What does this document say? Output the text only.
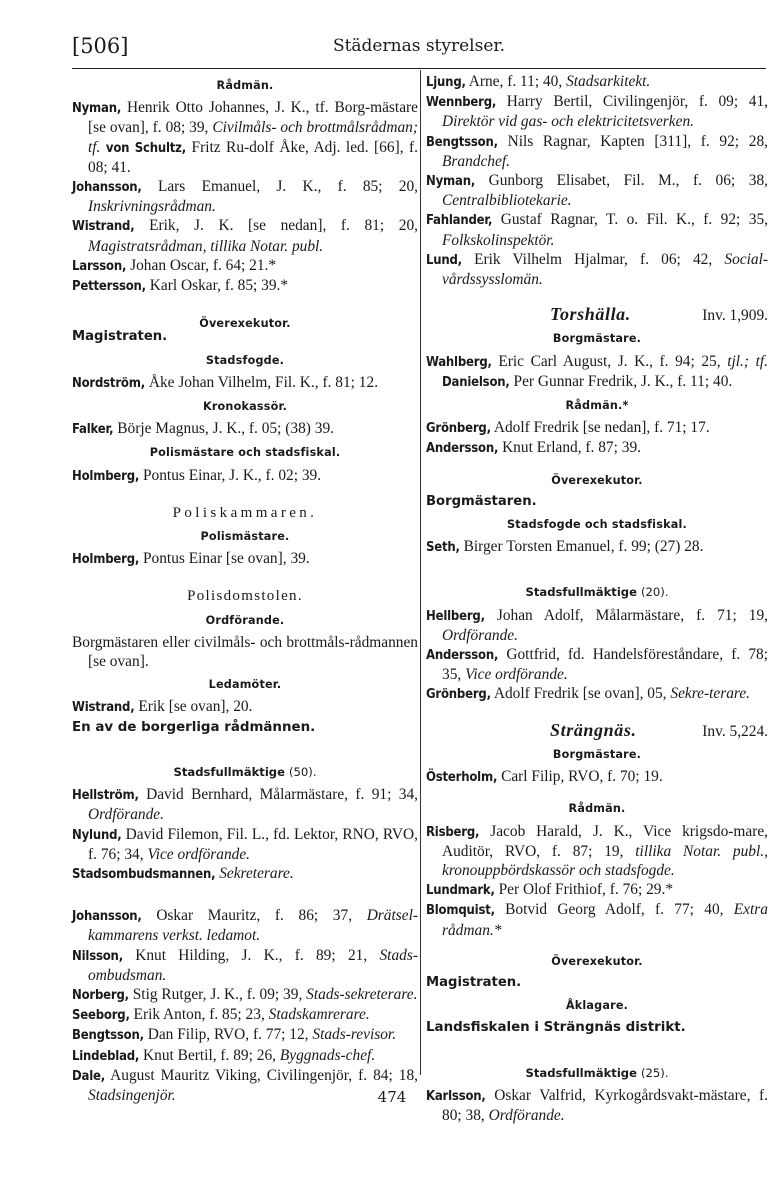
[506]	Städernas styrelser.
Rådmän.
Nyman, Henrik Otto Johannes, J. K., tf. Borg-mästare [se ovan], f. 08; 39, Civilmåls- och brottmålsrådman; tf. von Schultz, Fritz Ru-dolf Åke, Adj. led. [66], f. 08; 41.
Johansson, Lars Emanuel, J. K., f. 85; 20, Inskrivningsrådman.
Wistrand, Erik, J. K. [se nedan], f. 81; 20, Magistratsrådman, tillika Notar. publ.
Larsson, Johan Oscar, f. 64; 21.*
Pettersson, Karl Oskar, f. 85; 39.*
Överexekutor.
Magistraten.
Stadsfogde.
Nordström, Åke Johan Vilhelm, Fil. K., f. 81; 12.
Kronokassör.
Falker, Börje Magnus, J. K., f. 05; (38) 39.
Polismästare och stadsfiskal.
Holmberg, Pontus Einar, J. K., f. 02; 39.
Poliskammaren.
Polismästare.
Holmberg, Pontus Einar [se ovan], 39.
Polisdomstolen.
Ordförande.
Borgmästaren eller civilmåls- och brottmåls-rådmannen [se ovan].
Ledamöter.
Wistrand, Erik [se ovan], 20.
En av de borgerliga rådmännen.
Stadsfullmäktige (50).
Hellström, David Bernhard, Målarmästare, f. 91; 34, Ordförande.
Nylund, David Filemon, Fil. L., fd. Lektor, RNO, RVO, f. 76; 34, Vice ordförande.
Stadsombudsmannen, Sekreterare.
Johansson, Oskar Mauritz, f. 86; 37, Drätsel-kammarens verkst. ledamot.
Nilsson, Knut Hilding, J. K., f. 89; 21, Stads-ombudsman.
Norberg, Stig Rutger, J. K., f. 09; 39, Stads-sekreterare.
Seeborg, Erik Anton, f. 85; 23, Stadskamrerare.
Bengtsson, Dan Filip, RVO, f. 77; 12, Stads-revisor.
Lindeblad, Knut Bertil, f. 89; 26, Byggnads-chef.
Dale, August Mauritz Viking, Civilingenjör, f. 84; 18, Stadsingenjör.
Ljung, Arne, f. 11; 40, Stadsarkitekt.
Wennberg, Harry Bertil, Civilingenjör, f. 09; 41, Direktör vid gas- och elektricitetsverken.
Bengtsson, Nils Ragnar, Kapten [311], f. 92; 28, Brandchef.
Nyman, Gunborg Elisabet, Fil. M., f. 06; 38, Centralbibliotekarie.
Fahlander, Gustaf Ragnar, T. o. Fil. K., f. 92; 35, Folkskolinspektör.
Lund, Erik Vilhelm Hjalmar, f. 06; 42, Social-vårdssysslomän.
Torshälla.	Inv. 1,909.
Borgmästare.
Wahlberg, Eric Carl August, J. K., f. 94; 25, tjl.; tf. Danielson, Per Gunnar Fredrik, J. K., f. 11; 40.
Rådmän.*
Grönberg, Adolf Fredrik [se nedan], f. 71; 17.
Andersson, Knut Erland, f. 87; 39.
Överexekutor.
Borgmästaren.
Stadsfogde och stadsfiskal.
Seth, Birger Torsten Emanuel, f. 99; (27) 28.
Stadsfullmäktige (20).
Hellberg, Johan Adolf, Målarmästare, f. 71; 19, Ordförande.
Andersson, Gottfrid, fd. Handelsföreståndare, f. 78; 35, Vice ordförande.
Grönberg, Adolf Fredrik [se ovan], 05, Sekre-terare.
Strängnäs.	Inv. 5,224.
Borgmästare.
Österholm, Carl Filip, RVO, f. 70; 19.
Rådmän.
Risberg, Jacob Harald, J. K., Vice krigsdo-mare, Auditör, RVO, f. 87; 19, tillika Notar. publ., kronouppbördskassör och stadsfogde.
Lundmark, Per Olof Frithiof, f. 76; 29.*
Blomquist, Botvid Georg Adolf, f. 77; 40, Extra rådman.*
Överexekutor.
Magistraten.
Åklagare.
Landsfiskalen i Strängnäs distrikt.
Stadsfullmäktige (25).
Karlsson, Oskar Valfrid, Kyrkogårdsvakt-mästare, f. 80; 38, Ordförande.
474
